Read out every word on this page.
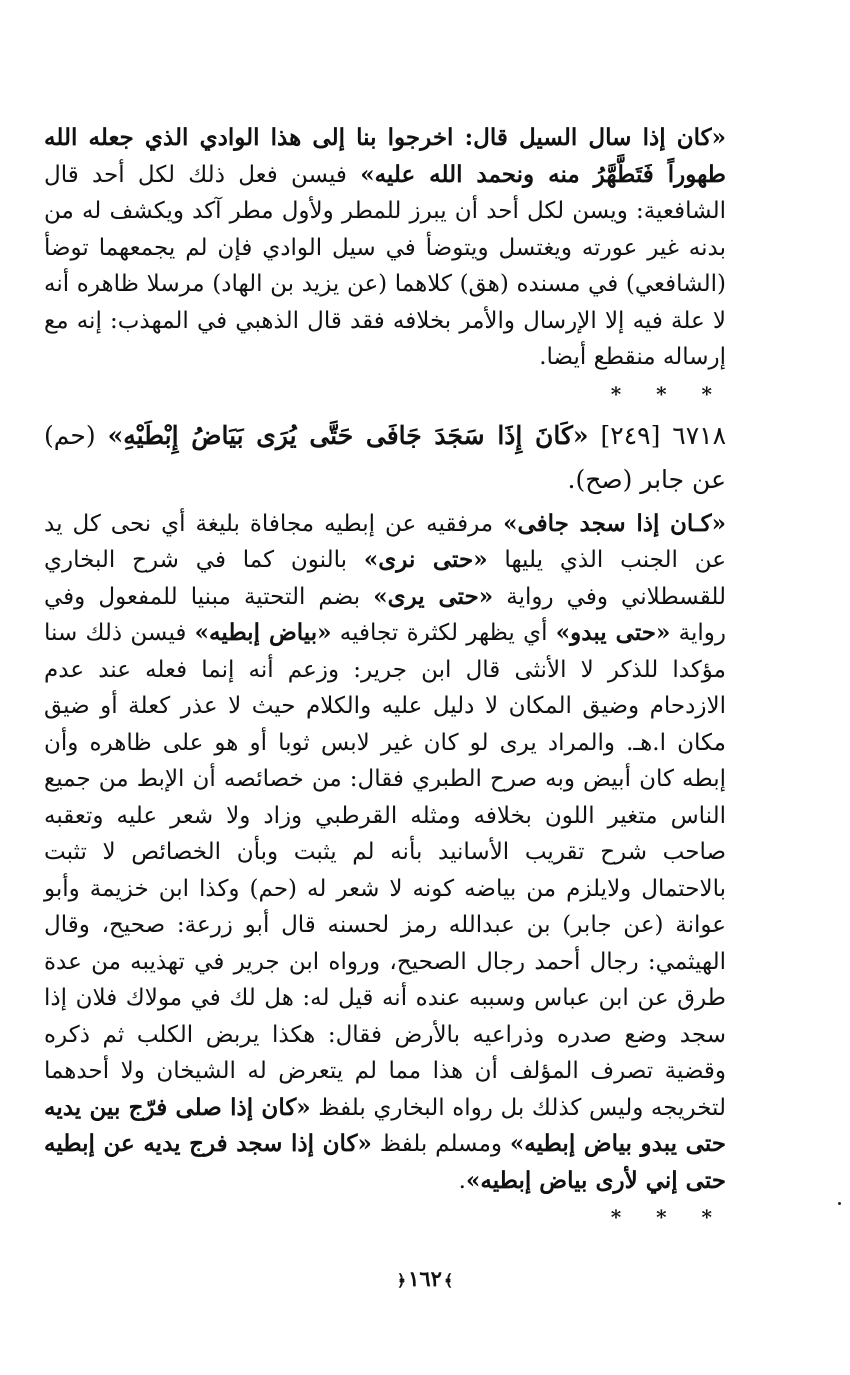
«كان إذا سال السيل قال: اخرجوا بنا إلى هذا الوادي الذي جعله الله طهوراً فَتَطَّهَّرُ منه ونحمد الله عليه» فيسن فعل ذلك لكل أحد قال الشافعية: ويسن لكل أحد أن يبرز للمطر ولأول مطر آكد ويكشف له من بدنه غير عورته ويغتسل ويتوضأ في سيل الوادي فإن لم يجمعهما توضأ (الشافعي) في مسنده (هق) كلاهما (عن يزيد بن الهاد) مرسلا ظاهره أنه لا علة فيه إلا الإرسال والأمر بخلافه فقد قال الذهبي في المهذب: إنه مع إرساله منقطع أيضا.

* * *

٦٧١٨ [٢٤٩] «كَانَ إِذَا سَجَدَ جَافَى حَتَّى يُرَى بَيَاضُ إِبْطَيْهِ» (حم) عن جابر (صح).

«كـان إذا سجد جافى» مرفقيه عن إبطيه مجافاة بليغة أي نحى كل يد عن الجنب الذي يليها «حتى نرى» بالنون كما في شرح البخاري للقسطلاني وفي رواية «حتى يرى» بضم التحتية مبنيا للمفعول وفي رواية «حتى يبدو» أي يظهر لكثرة تجافيه «بياض إبطيه» فيسن ذلك سنا مؤكدا للذكر لا الأنثى قال ابن جرير: وزعم أنه إنما فعله عند عدم الازدحام وضيق المكان لا دليل عليه والكلام حيث لا عذر كعلة أو ضيق مكان ا.هـ. والمراد يرى لو كان غير لابس ثوبا أو هو على ظاهره وأن إبطه كان أبيض وبه صرح الطبري فقال: من خصائصه أن الإبط من جميع الناس متغير اللون بخلافه ومثله القرطبي وزاد ولا شعر عليه وتعقبه صاحب شرح تقريب الأسانيد بأنه لم يثبت وبأن الخصائص لا تثبت بالاحتمال ولايلزم من بياضه كونه لا شعر له (حم) وكذا ابن خزيمة وأبو عوانة (عن جابر) بن عبدالله رمز لحسنه قال أبو زرعة: صحيح، وقال الهيثمي: رجال أحمد رجال الصحيح، ورواه ابن جرير في تهذيبه من عدة طرق عن ابن عباس وسببه عنده أنه قيل له: هل لك في مولاك فلان إذا سجد وضع صدره وذراعيه بالأرض فقال: هكذا يربض الكلب ثم ذكره وقضية تصرف المؤلف أن هذا مما لم يتعرض له الشيخان ولا أحدهما لتخريجه وليس كذلك بل رواه البخاري بلفظ «كان إذا صلى فرّج بين يديه حتى يبدو بياض إبطيه» ومسلم بلفظ «كان إذا سجد فرج يديه عن إبطيه حتى إني لأرى بياض إبطيه».

* * *
﴿١٦٢ ﴾
